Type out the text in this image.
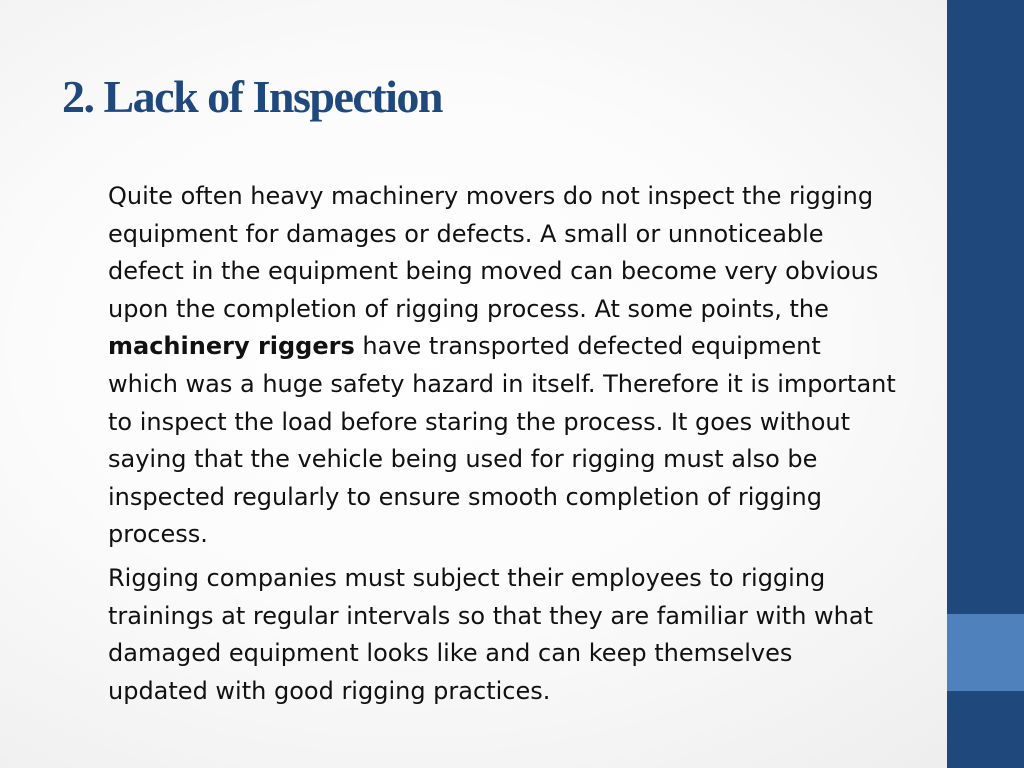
2. Lack of Inspection

Quite often heavy machinery movers do not inspect the rigging equipment for damages or defects. A small or unnoticeable defect in the equipment being moved can become very obvious upon the completion of rigging process. At some points, the machinery riggers have transported defected equipment which was a huge safety hazard in itself. Therefore it is important to inspect the load before staring the process. It goes without saying that the vehicle being used for rigging must also be inspected regularly to ensure smooth completion of rigging process.

Rigging companies must subject their employees to rigging trainings at regular intervals so that they are familiar with what damaged equipment looks like and can keep themselves updated with good rigging practices.
